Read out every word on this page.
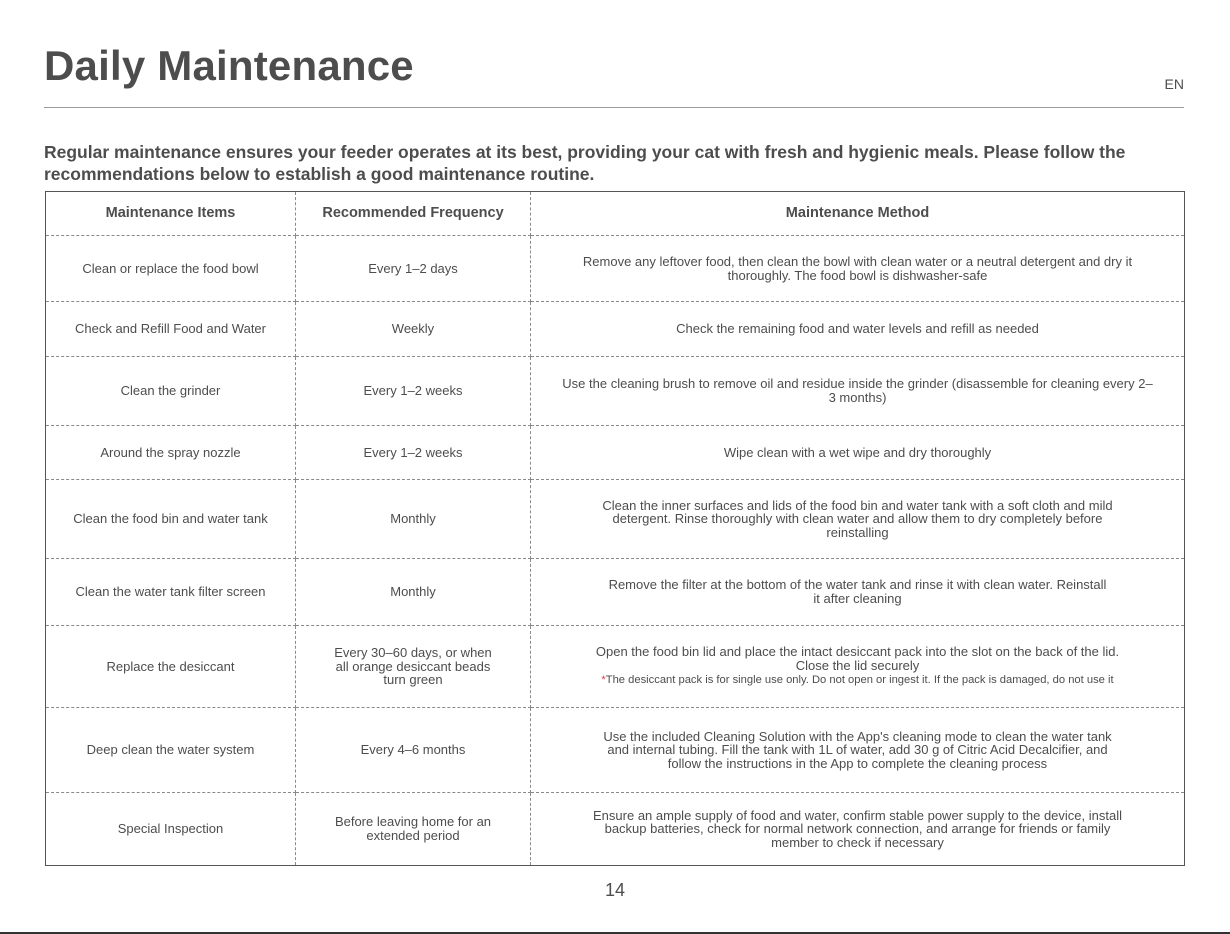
Daily Maintenance	EN

Regular maintenance ensures your feeder operates at its best, providing your cat with fresh and hygienic meals. Please follow the recommendations below to establish a good maintenance routine.

Maintenance Items	Recommended Frequency	Maintenance Method
Clean or replace the food bowl	Every 1–2 days	Remove any leftover food, then clean the bowl with clean water or a neutral detergent and dry it thoroughly. The food bowl is dishwasher-safe
Check and Refill Food and Water	Weekly	Check the remaining food and water levels and refill as needed
Clean the grinder	Every 1–2 weeks	Use the cleaning brush to remove oil and residue inside the grinder (disassemble for cleaning every 2–3 months)
Around the spray nozzle	Every 1–2 weeks	Wipe clean with a wet wipe and dry thoroughly
Clean the food bin and water tank	Monthly	Clean the inner surfaces and lids of the food bin and water tank with a soft cloth and mild detergent. Rinse thoroughly with clean water and allow them to dry completely before reinstalling
Clean the water tank filter screen	Monthly	Remove the filter at the bottom of the water tank and rinse it with clean water. Reinstall it after cleaning
Replace the desiccant	Every 30–60 days, or when all orange desiccant beads turn green	Open the food bin lid and place the intact desiccant pack into the slot on the back of the lid. Close the lid securely
*The desiccant pack is for single use only. Do not open or ingest it. If the pack is damaged, do not use it

Deep clean the water system	Every 4–6 months	Use the included Cleaning Solution with the App's cleaning mode to clean the water tank and internal tubing. Fill the tank with 1L of water, add 30 g of Citric Acid Decalcifier, and follow the instructions in the App to complete the cleaning process
Special Inspection	Before leaving home for an extended period	Ensure an ample supply of food and water, confirm stable power supply to the device, install backup batteries, check for normal network connection, and arrange for friends or family member to check if necessary
14
